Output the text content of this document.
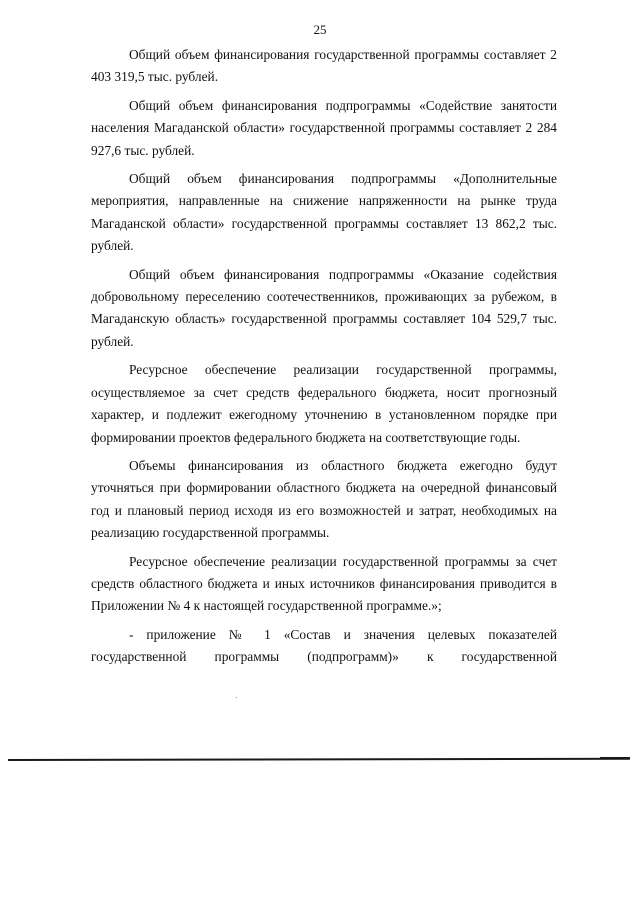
25

Общий объем финансирования государственной программы составляет 2 403 319,5 тыс. рублей.

Общий объем финансирования подпрограммы «Содействие занятости населения Магаданской области» государственной программы составляет 2 284 927,6 тыс. рублей.

Общий объем финансирования подпрограммы «Дополнительные мероприятия, направленные на снижение напряженности на рынке труда Магаданской области» государственной программы составляет 13 862,2 тыс. рублей.

Общий объем финансирования подпрограммы «Оказание содействия добровольному переселению соотечественников, проживающих за рубежом, в Магаданскую область» государственной программы составляет 104 529,7 тыс. рублей.

Ресурсное обеспечение реализации государственной программы, осуществляемое за счет средств федерального бюджета, носит прогнозный характер, и подлежит ежегодному уточнению в установленном порядке при формировании проектов федерального бюджета на соответствующие годы.

Объемы финансирования из областного бюджета ежегодно будут уточняться при формировании областного бюджета на очередной финансовый год и плановый период исходя из его возможностей и затрат, необходимых на реализацию государственной программы.

Ресурсное обеспечение реализации государственной программы за счет средств областного бюджета и иных источников финансирования приводится в Приложении № 4 к настоящей государственной программе.»;

- приложение № 1 «Состав и значения целевых показателей государственной программы (подпрограмм)» к государственной
